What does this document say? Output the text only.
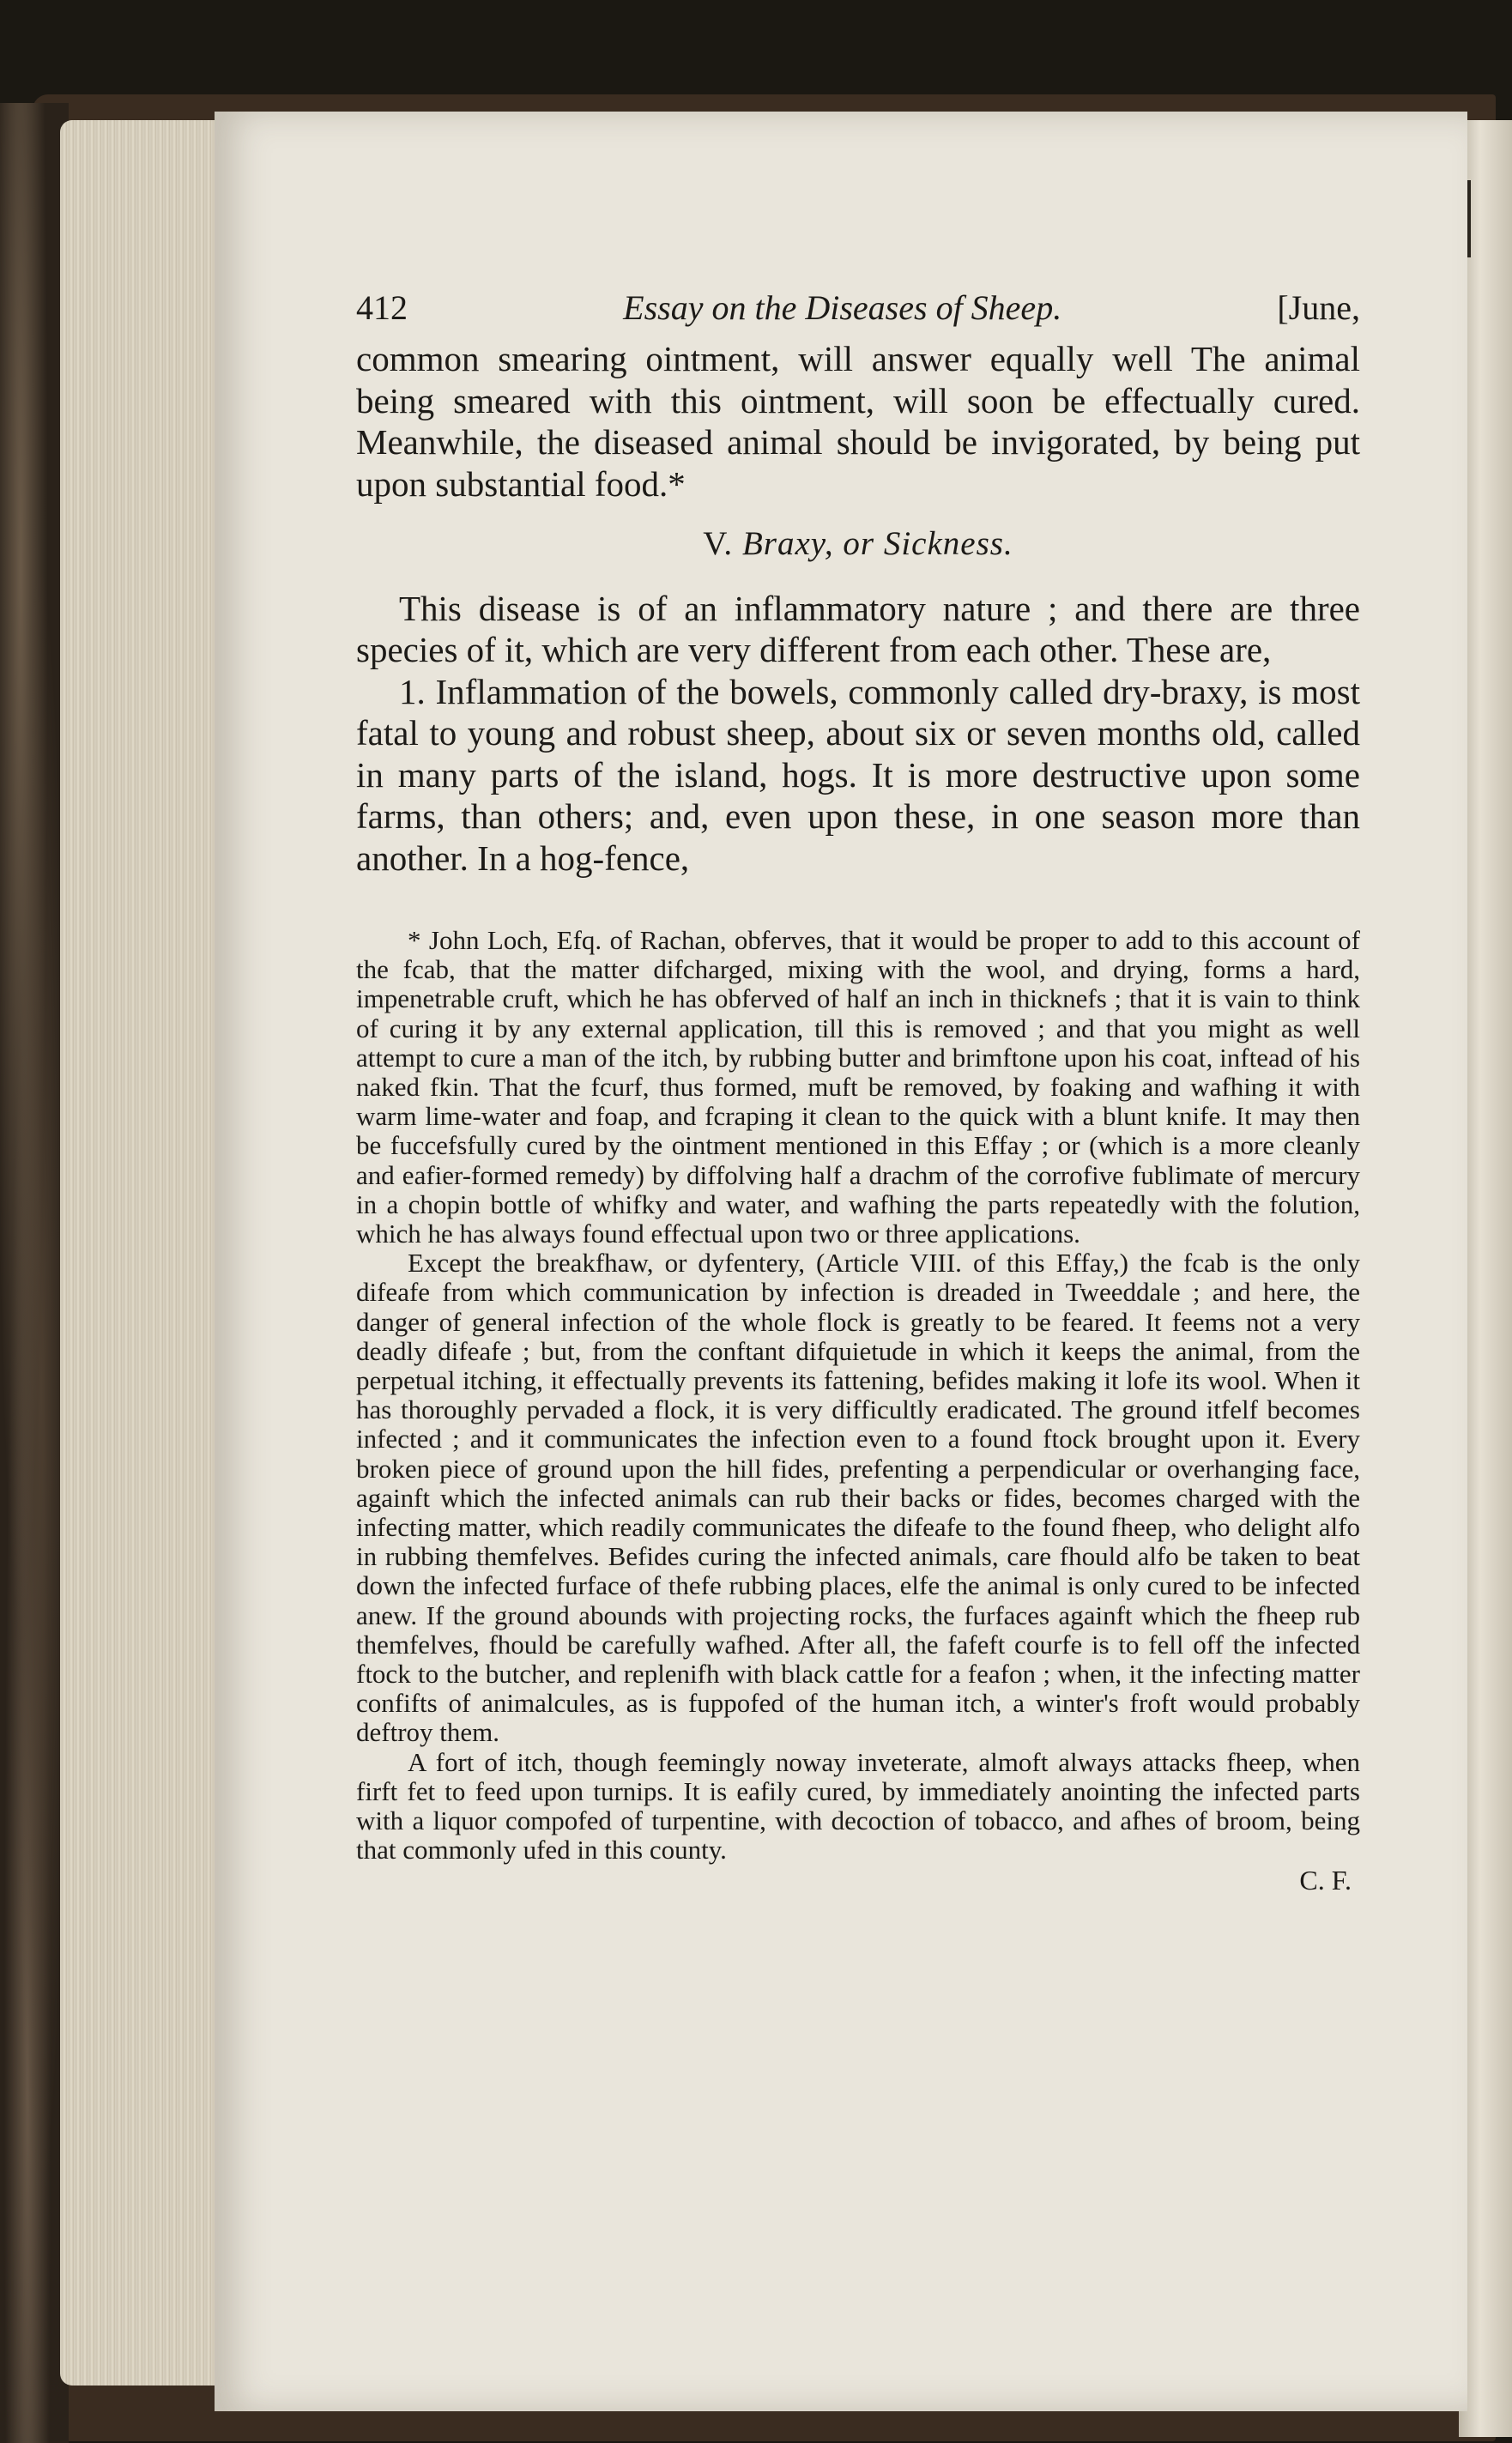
412	Essay on the Diseases of Sheep.	[June,

common smearing ointment, will answer equally well The animal being smeared with this ointment, will soon be effectually cured. Meanwhile, the diseased animal should be invigorated, by being put upon substantial food.*

V. Braxy, or Sickness.

This disease is of an inflammatory nature ; and there are three species of it, which are very different from each other. These are,

1. Inflammation of the bowels, commonly called dry-braxy, is most fatal to young and robust sheep, about six or seven months old, called in many parts of the island, hogs. It is more destructive upon some farms, than others; and, even upon these, in one season more than another. In a hog-fence,

* John Loch, Efq. of Rachan, obferves, that it would be proper to add to this account of the fcab, that the matter difcharged, mixing with the wool, and drying, forms a hard, impenetrable cruft, which he has obferved of half an inch in thicknefs ; that it is vain to think of curing it by any external application, till this is removed ; and that you might as well attempt to cure a man of the itch, by rubbing butter and brimftone upon his coat, inftead of his naked fkin. That the fcurf, thus formed, muft be removed, by foaking and wafhing it with warm lime-water and foap, and fcraping it clean to the quick with a blunt knife. It may then be fuccefsfully cured by the ointment mentioned in this Effay ; or (which is a more cleanly and eafier-formed remedy) by diffolving half a drachm of the corrofive fublimate of mercury in a chopin bottle of whifky and water, and wafhing the parts repeatedly with the folution, which he has always found effectual upon two or three applications.

Except the breakfhaw, or dyfentery, (Article VIII. of this Effay,) the fcab is the only difeafe from which communication by infection is dreaded in Tweeddale ; and here, the danger of general infection of the whole flock is greatly to be feared. It feems not a very deadly difeafe ; but, from the conftant difquietude in which it keeps the animal, from the perpetual itching, it effectually prevents its fattening, befides making it lofe its wool. When it has thoroughly pervaded a flock, it is very difficultly eradicated. The ground itfelf becomes infected ; and it communicates the infection even to a found ftock brought upon it. Every broken piece of ground upon the hill fides, prefenting a perpendicular or overhanging face, againft which the infected animals can rub their backs or fides, becomes charged with the infecting matter, which readily communicates the difeafe to the found fheep, who delight alfo in rubbing themfelves. Befides curing the infected animals, care fhould alfo be taken to beat down the infected furface of thefe rubbing places, elfe the animal is only cured to be infected anew. If the ground abounds with projecting rocks, the furfaces againft which the fheep rub themfelves, fhould be carefully wafhed. After all, the fafeft courfe is to fell off the infected ftock to the butcher, and replenifh with black cattle for a feafon ; when, it the infecting matter confifts of animalcules, as is fuppofed of the human itch, a winter's froft would probably deftroy them.

A fort of itch, though feemingly noway inveterate, almoft always attacks fheep, when firft fet to feed upon turnips. It is eafily cured, by immediately anointing the infected parts with a liquor compofed of turpentine, with decoction of tobacco, and afhes of broom, being that commonly ufed in this county.

C. F.
